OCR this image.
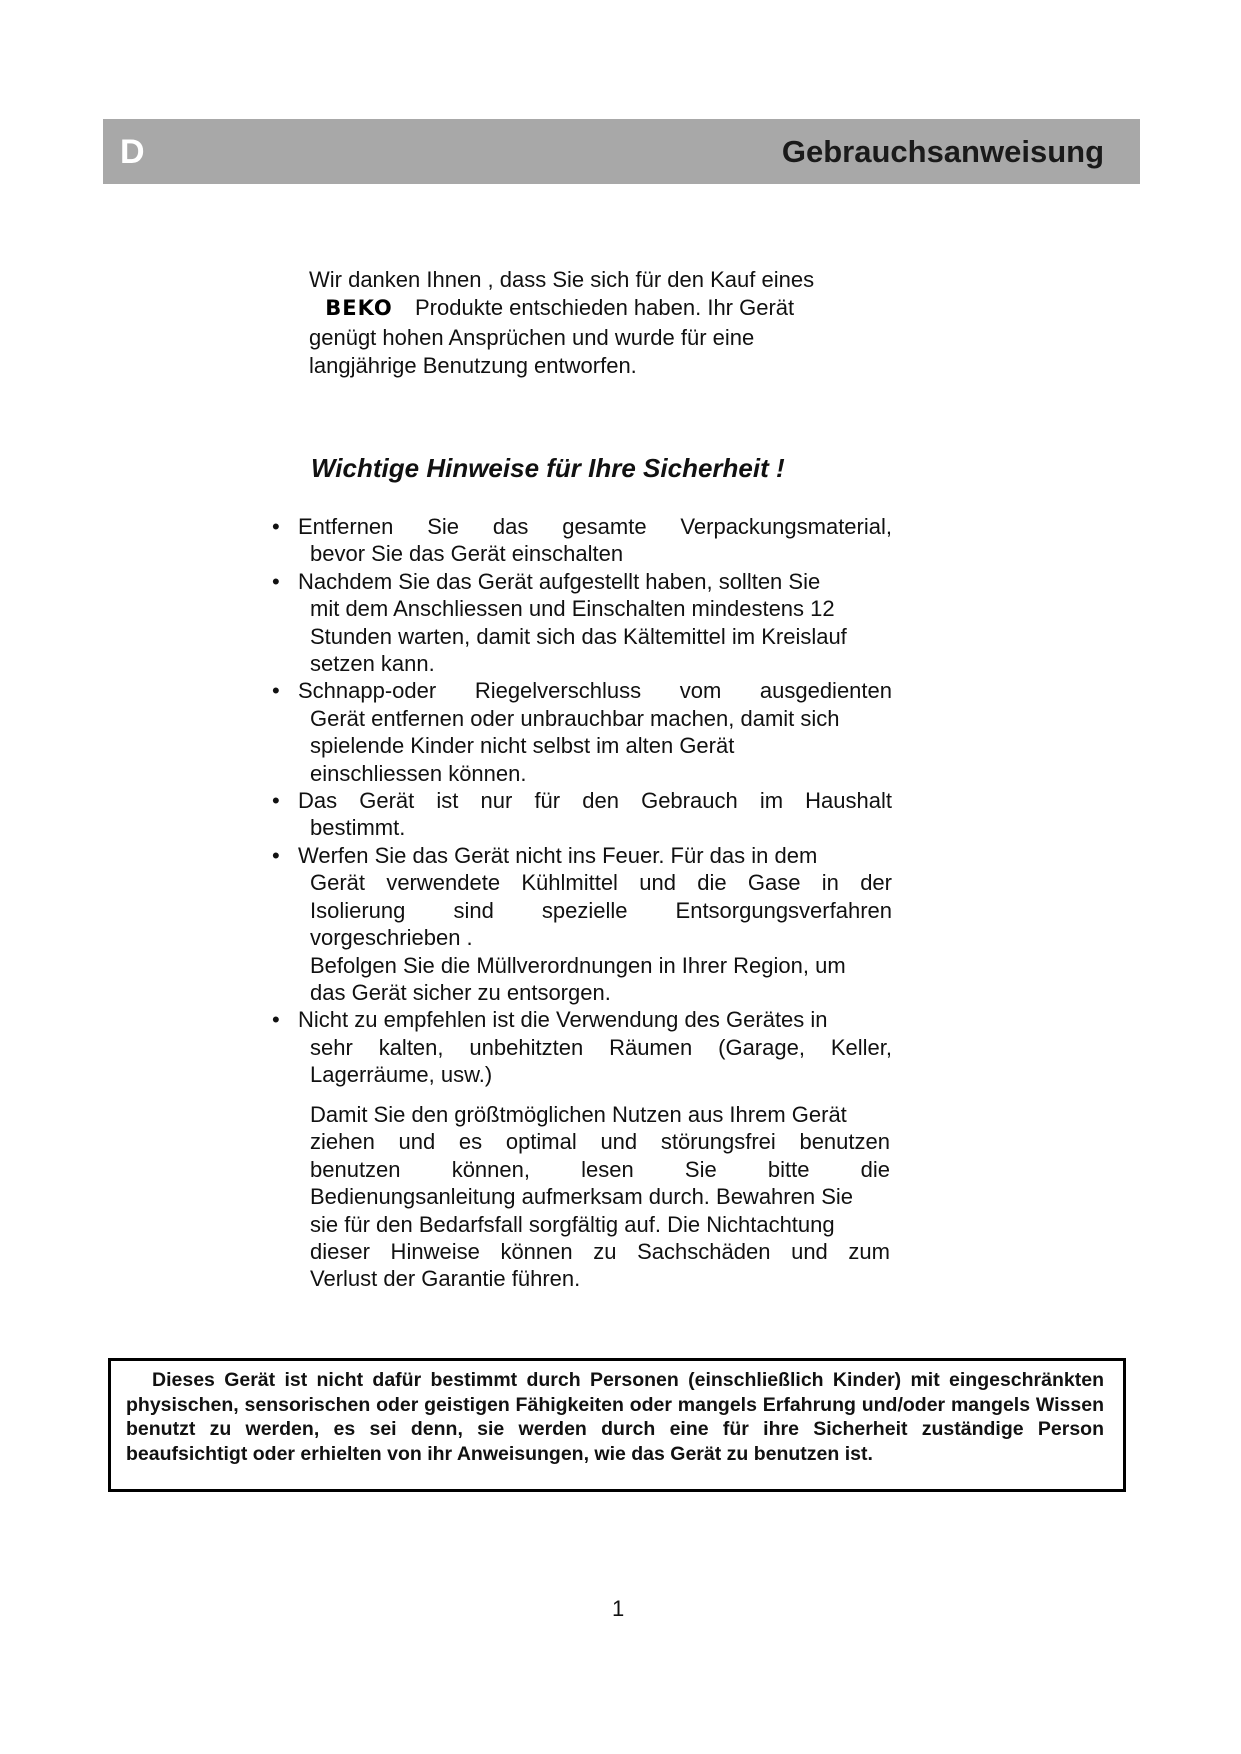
D	Gebrauchsanweisung
Wir danken Ihnen , dass Sie sich für den Kauf eines
BEKO Produkte entschieden haben. Ihr Gerät
genügt hohen Ansprüchen und wurde für eine
langjährige Benutzung entworfen.
Wichtige Hinweise für Ihre Sicherheit !
• Entfernen Sie das gesamte Verpackungsmaterial,
bevor Sie das Gerät einschalten
• Nachdem Sie das Gerät aufgestellt haben, sollten Sie
mit dem Anschliessen und Einschalten mindestens 12
Stunden warten, damit sich das Kältemittel im Kreislauf
setzen kann.
• Schnapp-oder Riegelverschluss vom ausgedienten
Gerät entfernen oder unbrauchbar machen, damit sich
spielende Kinder nicht selbst im alten Gerät
einschliessen können.
• Das Gerät ist nur für den Gebrauch im Haushalt
bestimmt.
• Werfen Sie das Gerät nicht ins Feuer. Für das in dem
Gerät verwendete Kühlmittel und die Gase in der
Isolierung sind spezielle Entsorgungsverfahren
vorgeschrieben .
Befolgen Sie die Müllverordnungen in Ihrer Region, um
das Gerät sicher zu entsorgen.
• Nicht zu empfehlen ist die Verwendung des Gerätes in
sehr kalten, unbehitzten Räumen (Garage, Keller,
Lagerräume, usw.)
Damit Sie den größtmöglichen Nutzen aus Ihrem Gerät
ziehen und es optimal und störungsfrei benutzen
benutzen können, lesen Sie bitte die
Bedienungsanleitung aufmerksam durch. Bewahren Sie
sie für den Bedarfsfall sorgfältig auf. Die Nichtachtung
dieser Hinweise können zu Sachschäden und zum
Verlust der Garantie führen.

Dieses Gerät ist nicht dafür bestimmt durch Personen (einschließlich Kinder) mit eingeschränkten physischen, sensorischen oder geistigen Fähigkeiten oder mangels Erfahrung und/oder mangels Wissen benutzt zu werden, es sei denn, sie werden durch eine für ihre Sicherheit zuständige Person beaufsichtigt oder erhielten von ihr Anweisungen, wie das Gerät zu benutzen ist.

1
